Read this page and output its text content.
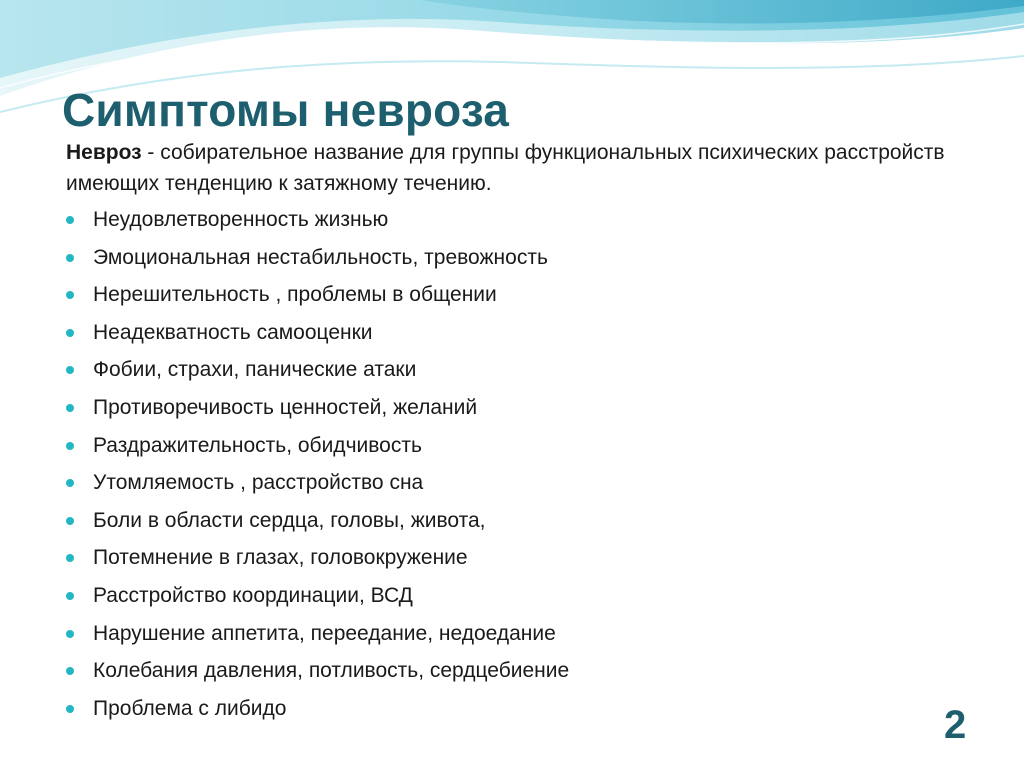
Симптомы невроза

Невроз - собирательное название для группы функциональных психических расстройств имеющих тенденцию к затяжному течению.

Неудовлетворенность жизнью
Эмоциональная нестабильность, тревожность
Нерешительность , проблемы в общении
Неадекватность самооценки
Фобии, страхи, панические атаки
Противоречивость ценностей, желаний
Раздражительность, обидчивость
Утомляемость , расстройство сна
Боли в области сердца, головы, живота,
Потемнение в глазах, головокружение
Расстройство координации, ВСД
Нарушение аппетита, переедание, недоедание
Колебания давления, потливость, сердцебиение
Проблема с либидо	2
